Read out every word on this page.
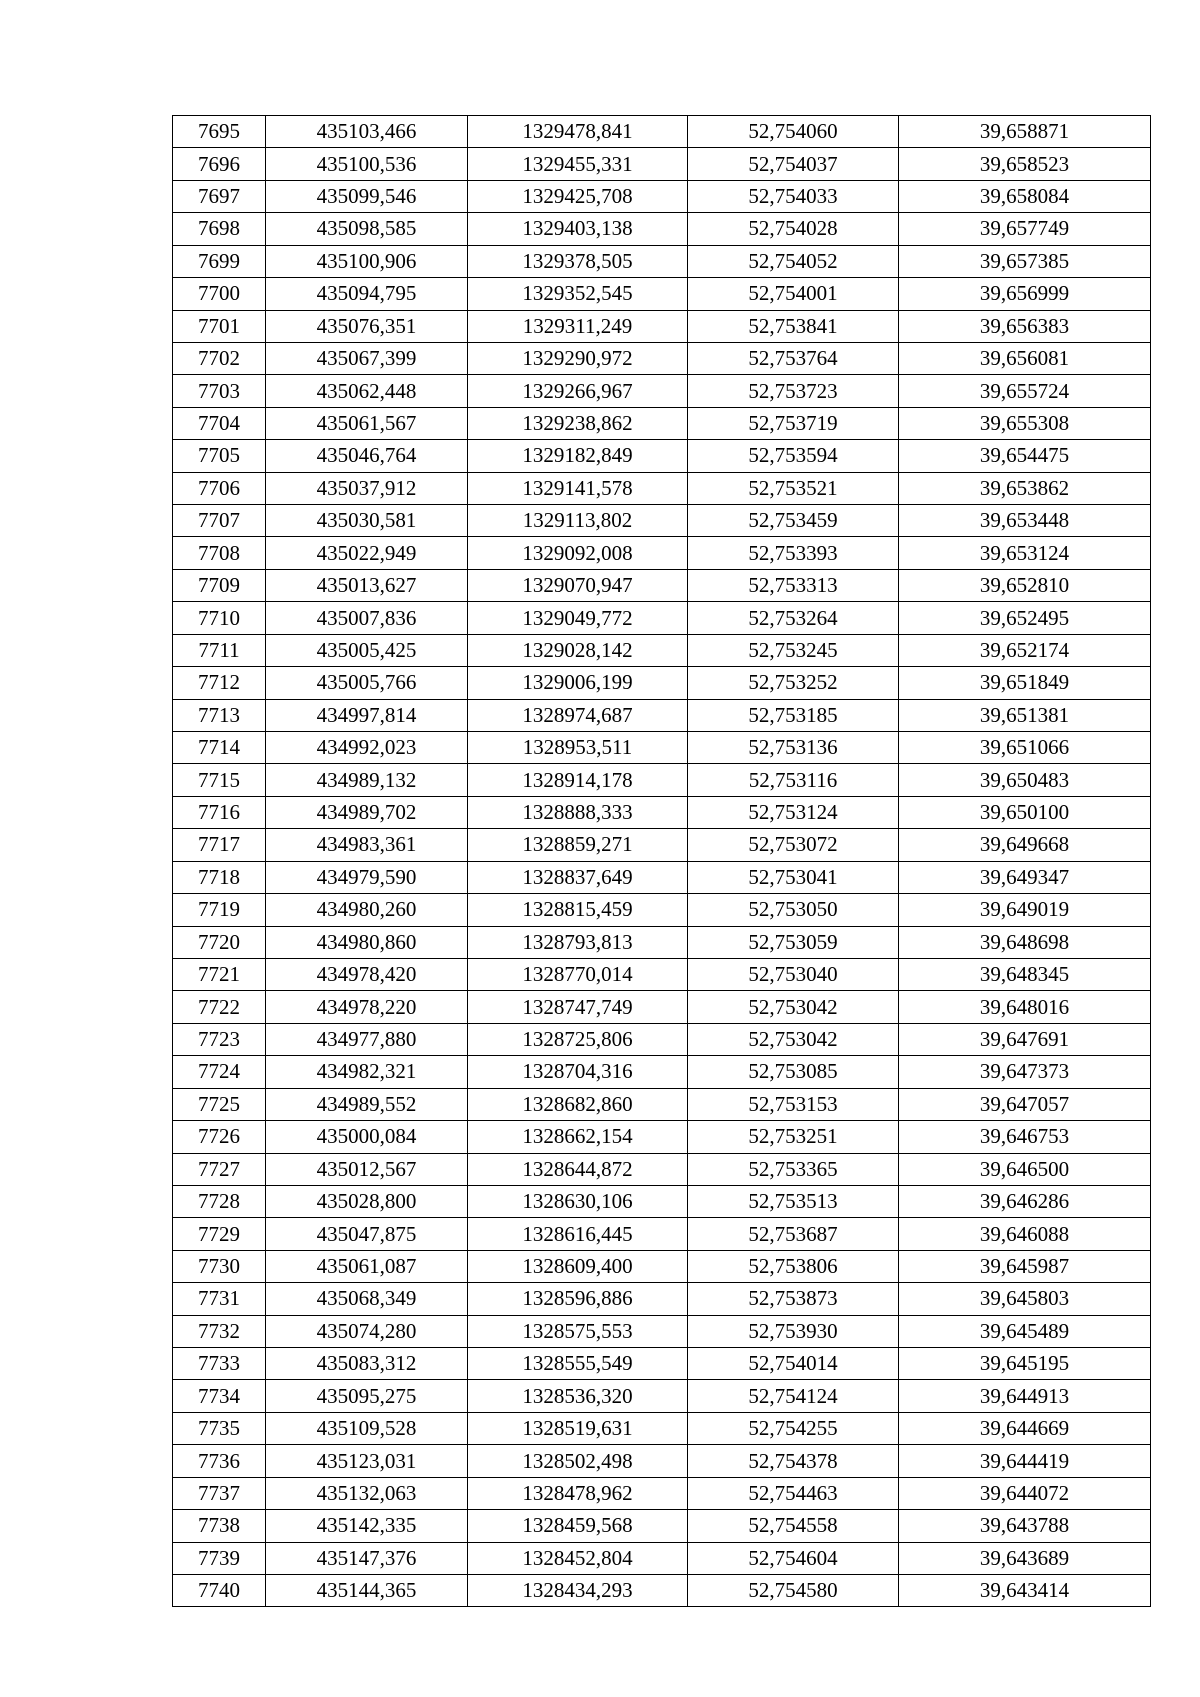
7695	435103,466	1329478,841	52,754060	39,658871
7696	435100,536	1329455,331	52,754037	39,658523
7697	435099,546	1329425,708	52,754033	39,658084
7698	435098,585	1329403,138	52,754028	39,657749
7699	435100,906	1329378,505	52,754052	39,657385
7700	435094,795	1329352,545	52,754001	39,656999
7701	435076,351	1329311,249	52,753841	39,656383
7702	435067,399	1329290,972	52,753764	39,656081
7703	435062,448	1329266,967	52,753723	39,655724
7704	435061,567	1329238,862	52,753719	39,655308
7705	435046,764	1329182,849	52,753594	39,654475
7706	435037,912	1329141,578	52,753521	39,653862
7707	435030,581	1329113,802	52,753459	39,653448
7708	435022,949	1329092,008	52,753393	39,653124
7709	435013,627	1329070,947	52,753313	39,652810
7710	435007,836	1329049,772	52,753264	39,652495
7711	435005,425	1329028,142	52,753245	39,652174
7712	435005,766	1329006,199	52,753252	39,651849
7713	434997,814	1328974,687	52,753185	39,651381
7714	434992,023	1328953,511	52,753136	39,651066
7715	434989,132	1328914,178	52,753116	39,650483
7716	434989,702	1328888,333	52,753124	39,650100
7717	434983,361	1328859,271	52,753072	39,649668
7718	434979,590	1328837,649	52,753041	39,649347
7719	434980,260	1328815,459	52,753050	39,649019
7720	434980,860	1328793,813	52,753059	39,648698
7721	434978,420	1328770,014	52,753040	39,648345
7722	434978,220	1328747,749	52,753042	39,648016
7723	434977,880	1328725,806	52,753042	39,647691
7724	434982,321	1328704,316	52,753085	39,647373
7725	434989,552	1328682,860	52,753153	39,647057
7726	435000,084	1328662,154	52,753251	39,646753
7727	435012,567	1328644,872	52,753365	39,646500
7728	435028,800	1328630,106	52,753513	39,646286
7729	435047,875	1328616,445	52,753687	39,646088
7730	435061,087	1328609,400	52,753806	39,645987
7731	435068,349	1328596,886	52,753873	39,645803
7732	435074,280	1328575,553	52,753930	39,645489
7733	435083,312	1328555,549	52,754014	39,645195
7734	435095,275	1328536,320	52,754124	39,644913
7735	435109,528	1328519,631	52,754255	39,644669
7736	435123,031	1328502,498	52,754378	39,644419
7737	435132,063	1328478,962	52,754463	39,644072
7738	435142,335	1328459,568	52,754558	39,643788
7739	435147,376	1328452,804	52,754604	39,643689
7740	435144,365	1328434,293	52,754580	39,643414
